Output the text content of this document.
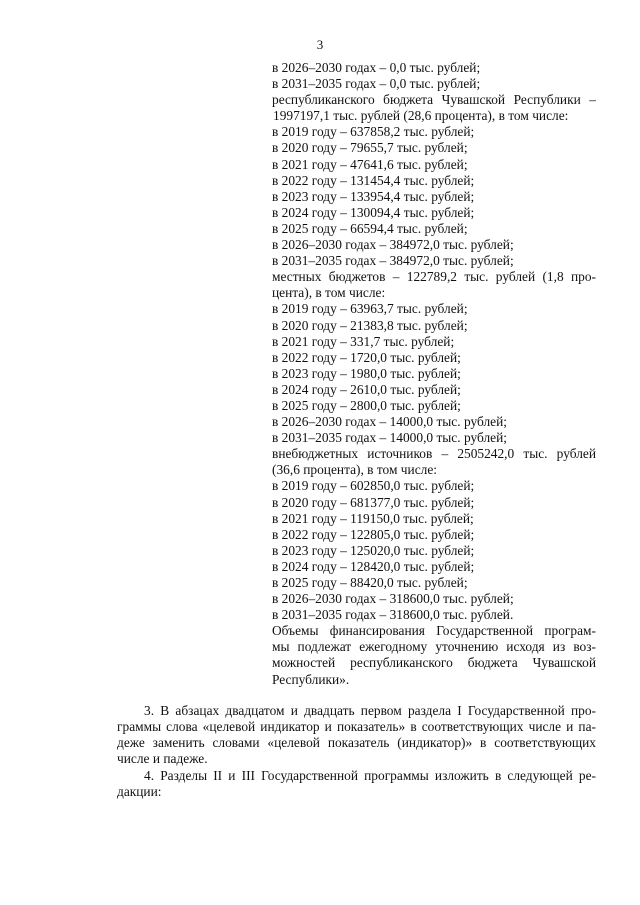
3
в 2026–2030 годах – 0,0 тыс. рублей;
в 2031–2035 годах – 0,0 тыс. рублей;
республиканского бюджета Чувашской Республики –
1997197,1 тыс. рублей (28,6 процента), в том числе:
в 2019 году – 637858,2 тыс. рублей;
в 2020 году – 79655,7 тыс. рублей;
в 2021 году – 47641,6 тыс. рублей;
в 2022 году – 131454,4 тыс. рублей;
в 2023 году – 133954,4 тыс. рублей;
в 2024 году – 130094,4 тыс. рублей;
в 2025 году – 66594,4 тыс. рублей;
в 2026–2030 годах – 384972,0 тыс. рублей;
в 2031–2035 годах – 384972,0 тыс. рублей;
местных бюджетов – 122789,2 тыс. рублей (1,8 про-
цента), в том числе:
в 2019 году – 63963,7 тыс. рублей;
в 2020 году – 21383,8 тыс. рублей;
в 2021 году – 331,7 тыс. рублей;
в 2022 году – 1720,0 тыс. рублей;
в 2023 году – 1980,0 тыс. рублей;
в 2024 году – 2610,0 тыс. рублей;
в 2025 году – 2800,0 тыс. рублей;
в 2026–2030 годах – 14000,0 тыс. рублей;
в 2031–2035 годах – 14000,0 тыс. рублей;
внебюджетных источников – 2505242,0 тыс. рублей
(36,6 процента), в том числе:
в 2019 году – 602850,0 тыс. рублей;
в 2020 году – 681377,0 тыс. рублей;
в 2021 году – 119150,0 тыс. рублей;
в 2022 году – 122805,0 тыс. рублей;
в 2023 году – 125020,0 тыс. рублей;
в 2024 году – 128420,0 тыс. рублей;
в 2025 году – 88420,0 тыс. рублей;
в 2026–2030 годах – 318600,0 тыс. рублей;
в 2031–2035 годах – 318600,0 тыс. рублей.
Объемы финансирования Государственной програм-
мы подлежат ежегодному уточнению исходя из воз-
можностей республиканского бюджета Чувашской
Республики».

3. В абзацах двадцатом и двадцать первом раздела I Государственной про-граммы слова «целевой индикатор и показатель» в соответствующих числе и па-деже заменить словами «целевой показатель (индикатор)» в соответствующих числе и падеже.

4. Разделы II и III Государственной программы изложить в следующей ре-дакции:
